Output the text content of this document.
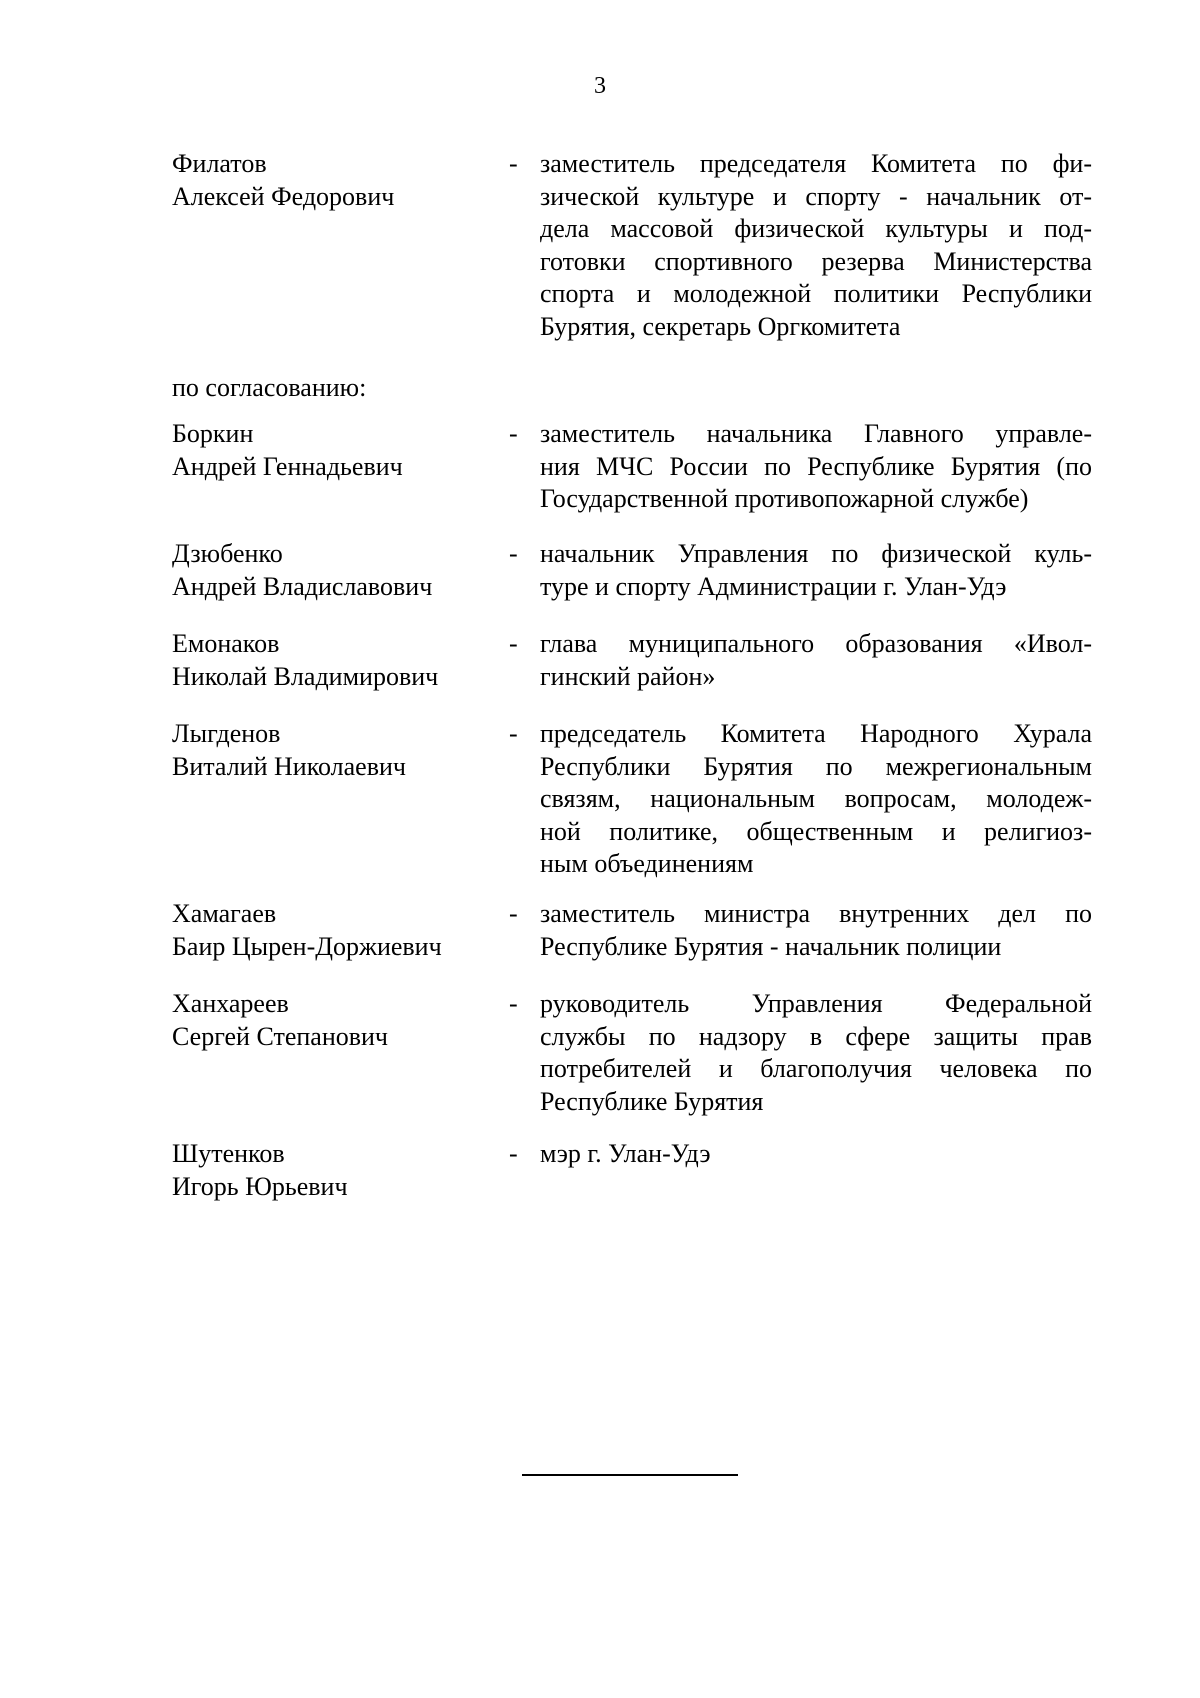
3
Филатов
Алексей Федорович
- заместитель председателя Комитета по фи-
зической культуре и спорту - начальник от-
дела массовой физической культуры и под-
готовки спортивного резерва Министерства
спорта и молодежной политики Республики
Бурятия, секретарь Оргкомитета
по согласованию:
Боркин
Андрей Геннадьевич
- заместитель начальника Главного управле-
ния МЧС России по Республике Бурятия (по
Государственной противопожарной службе)
Дзюбенко
Андрей Владиславович
- начальник Управления по физической куль-
туре и спорту Администрации г. Улан-Удэ
Емонаков
Николай Владимирович
- глава муниципального образования «Ивол-
гинский район»
Лыгденов
Виталий Николаевич
- председатель Комитета Народного Хурала
Республики Бурятия по межрегиональным
связям, национальным вопросам, молодеж-
ной политике, общественным и религиоз-
ным объединениям
Хамагаев
Баир Цырен-Доржиевич
- заместитель министра внутренних дел по
Республике Бурятия - начальник полиции
Ханхареев
Сергей Степанович
- руководитель Управления Федеральной
службы по надзору в сфере защиты прав
потребителей и благополучия человека по
Республике Бурятия
Шутенков
Игорь Юрьевич
- мэр г. Улан-Удэ
